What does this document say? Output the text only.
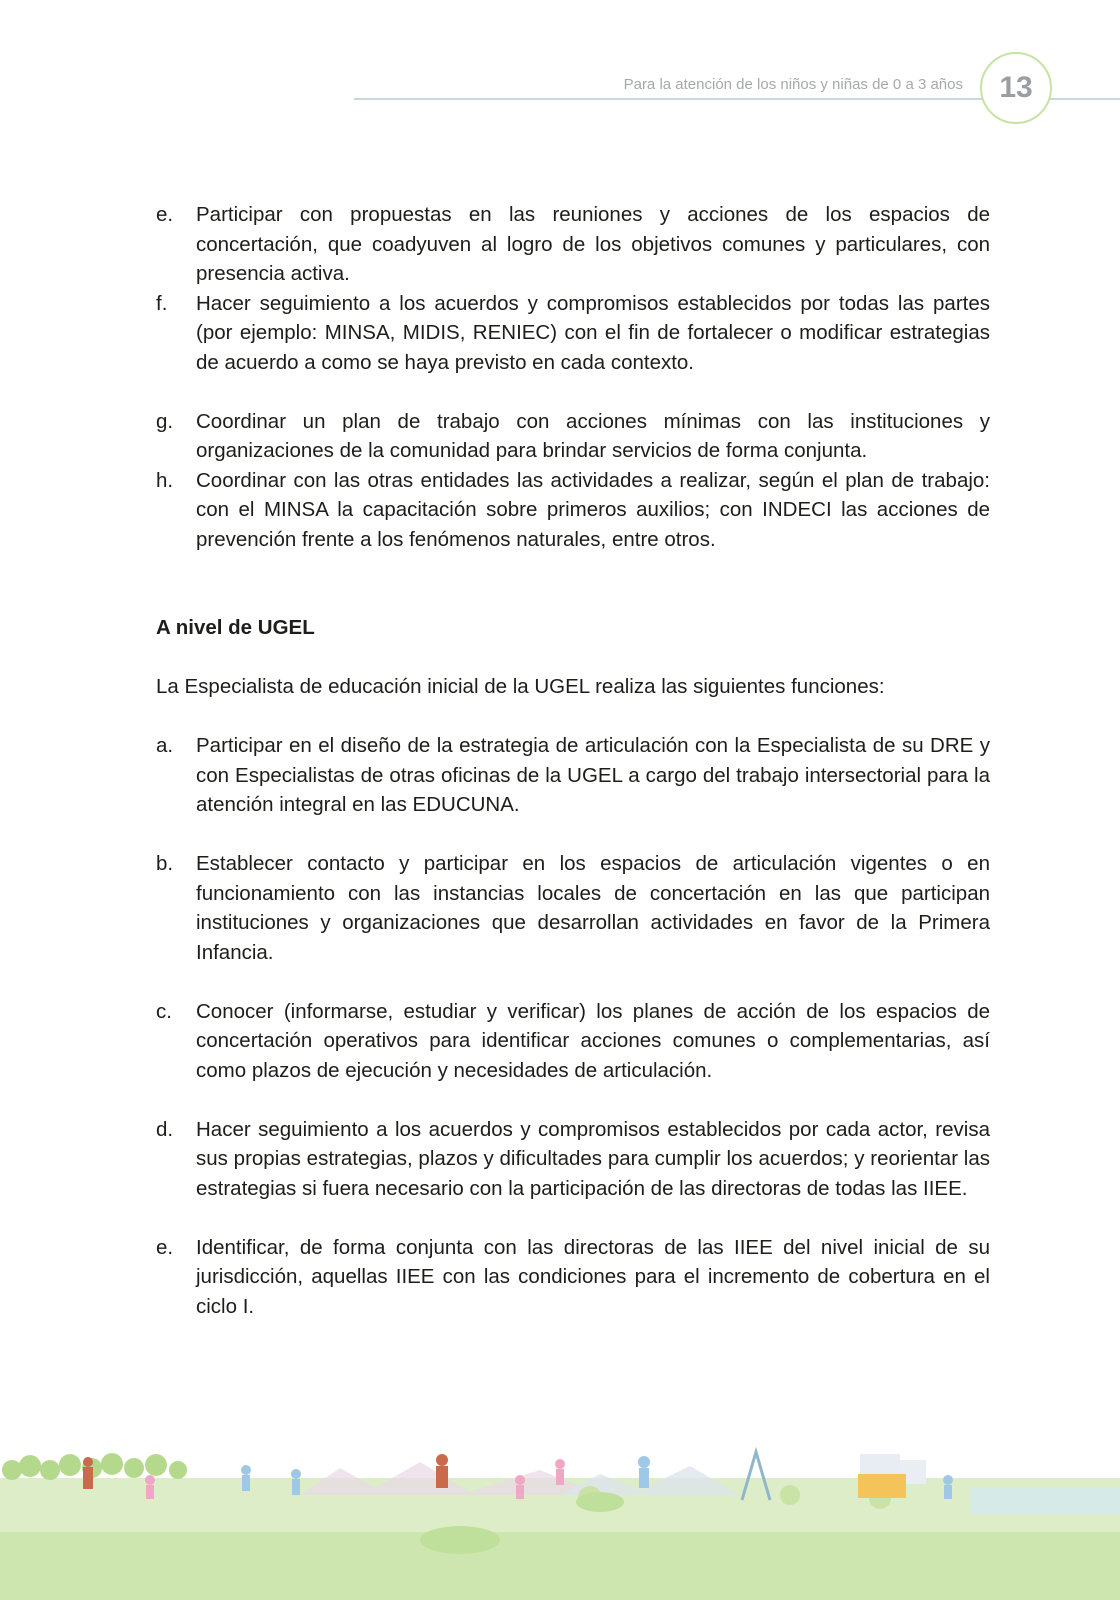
Para la atención de los niños y niñas de 0 a 3 años	13
e.	Participar con propuestas en las reuniones y acciones de los espacios de concertación, que coadyuven al logro de los objetivos comunes y particulares, con presencia activa.
f.	Hacer seguimiento a los acuerdos y compromisos establecidos por todas las partes (por ejemplo: MINSA, MIDIS, RENIEC) con el fin de fortalecer o modificar estrategias de acuerdo a como se haya previsto en cada contexto.
g.	Coordinar un plan de trabajo con acciones mínimas con las instituciones y organizaciones de la comunidad para brindar servicios de forma conjunta.
h.	Coordinar con las otras entidades las actividades a realizar, según el plan de trabajo: con el MINSA la capacitación sobre primeros auxilios; con INDECI las acciones de prevención frente a los fenómenos naturales, entre otros.
A nivel de UGEL
La Especialista de educación inicial de la UGEL realiza las siguientes funciones:
a.	Participar en el diseño de la estrategia de articulación con la Especialista de su DRE y con Especialistas de otras oficinas de la UGEL a cargo del trabajo intersectorial para la atención integral en las EDUCUNA.
b.	Establecer contacto y participar en los espacios de articulación vigentes o en funcionamiento con las instancias locales de concertación en las que participan instituciones y organizaciones que desarrollan actividades en favor de la Primera Infancia.
c.	Conocer (informarse, estudiar y verificar) los planes de acción de los espacios de concertación operativos para identificar acciones comunes o complementarias, así como plazos de ejecución y necesidades de articulación.
d.	Hacer seguimiento a los acuerdos y compromisos establecidos por cada actor, revisa sus propias estrategias, plazos y dificultades para cumplir los acuerdos; y reorientar las estrategias si fuera necesario con la participación de las directoras de todas las IIEE.
e.	Identificar, de forma conjunta con las directoras de las IIEE del nivel inicial de su jurisdicción, aquellas IIEE con las condiciones para el incremento de cobertura en el ciclo I.
